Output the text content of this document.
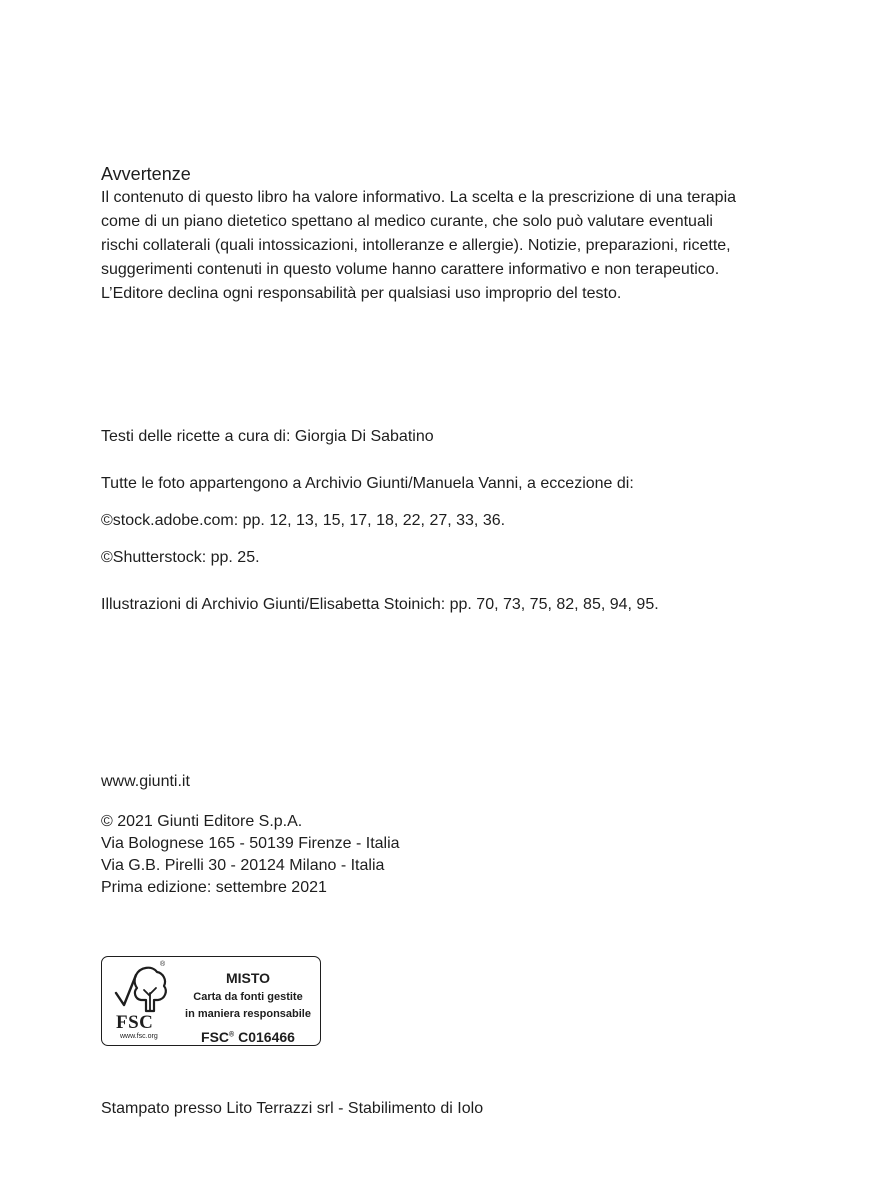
Avvertenze
Il contenuto di questo libro ha valore informativo. La scelta e la prescrizione di una terapia
come di un piano dietetico spettano al medico curante, che solo può valutare eventuali
rischi collaterali (quali intossicazioni, intolleranze e allergie). Notizie, preparazioni, ricette,
suggerimenti contenuti in questo volume hanno carattere informativo e non terapeutico.
L’Editore declina ogni responsabilità per qualsiasi uso improprio del testo.
Testi delle ricette a cura di: Giorgia Di Sabatino
Tutte le foto appartengono a Archivio Giunti/Manuela Vanni, a eccezione di:
©stock.adobe.com: pp. 12, 13, 15, 17, 18, 22, 27, 33, 36.
©Shutterstock: pp. 25.
Illustrazioni di Archivio Giunti/Elisabetta Stoinich: pp. 70, 73, 75, 82, 85, 94, 95.
www.giunti.it
© 2021 Giunti Editore S.p.A.
Via Bolognese 165 - 50139 Firenze - Italia
Via G.B. Pirelli 30 - 20124 Milano - Italia
Prima edizione: settembre 2021
®
FSC
www.fsc.org
MISTO
Carta da fonti gestite
in maniera responsabile
FSC® C016466
Stampato presso Lito Terrazzi srl - Stabilimento di Iolo
